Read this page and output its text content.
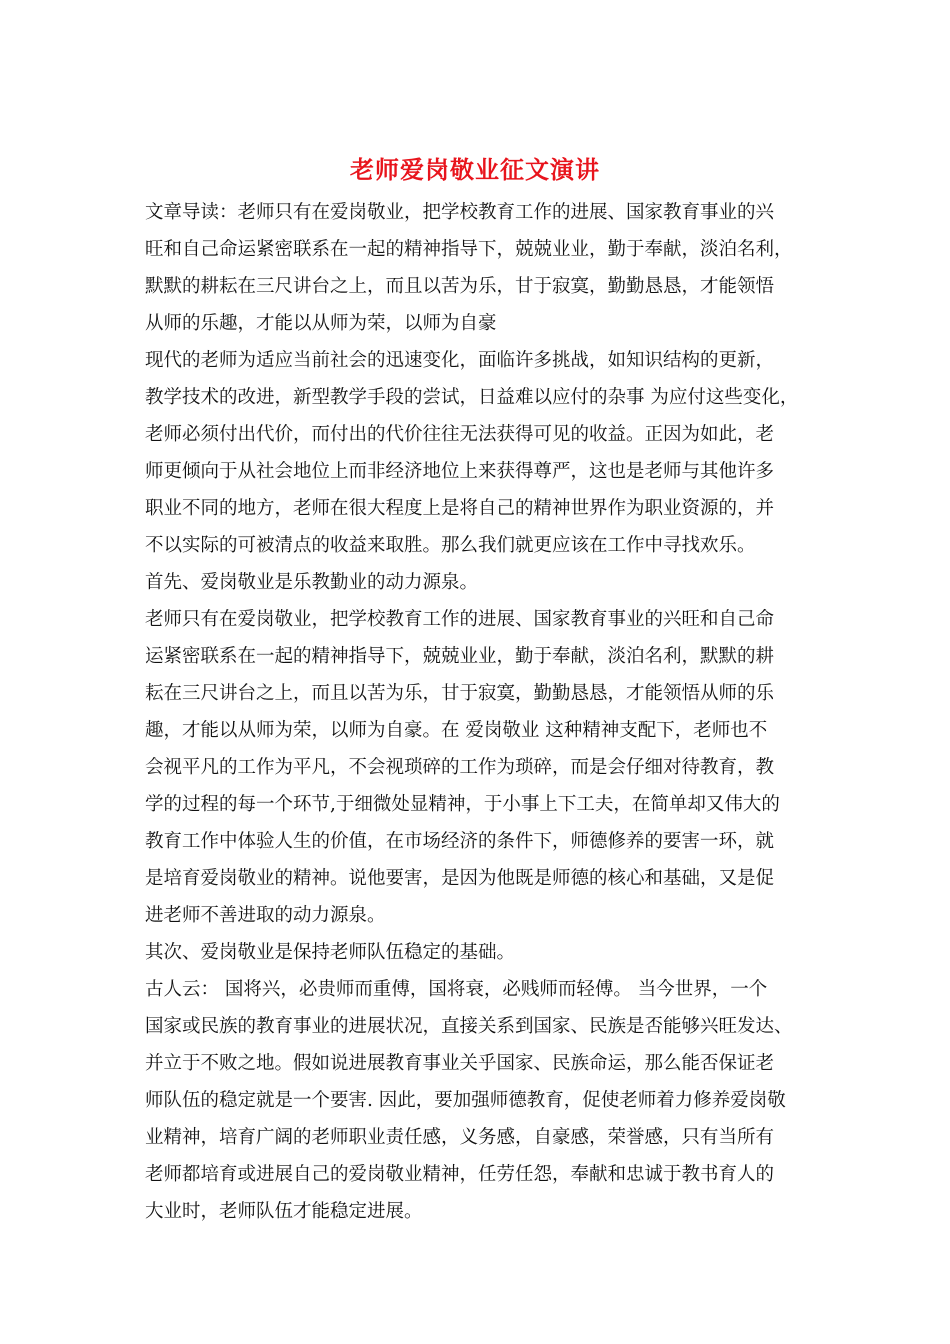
老师爱岗敬业征文演讲
文章导读：老师只有在爱岗敬业，把学校教育工作的进展、国家教育事业的兴
旺和自己命运紧密联系在一起的精神指导下，兢兢业业，勤于奉献，淡泊名利，
默默的耕耘在三尺讲台之上，而且以苦为乐，甘于寂寞，勤勤恳恳，才能领悟
从师的乐趣，才能以从师为荣，以师为自豪
现代的老师为适应当前社会的迅速变化，面临许多挑战，如知识结构的更新，
教学技术的改进，新型教学手段的尝试，日益难以应付的杂事 为应付这些变化，
老师必须付出代价，而付出的代价往往无法获得可见的收益。正因为如此，老
师更倾向于从社会地位上而非经济地位上来获得尊严，这也是老师与其他许多
职业不同的地方，老师在很大程度上是将自己的精神世界作为职业资源的，并
不以实际的可被清点的收益来取胜。那么我们就更应该在工作中寻找欢乐。
首先、爱岗敬业是乐教勤业的动力源泉。
老师只有在爱岗敬业，把学校教育工作的进展、国家教育事业的兴旺和自己命
运紧密联系在一起的精神指导下，兢兢业业，勤于奉献，淡泊名利，默默的耕
耘在三尺讲台之上，而且以苦为乐，甘于寂寞，勤勤恳恳，才能领悟从师的乐
趣，才能以从师为荣，以师为自豪。在 爱岗敬业 这种精神支配下，老师也不
会视平凡的工作为平凡，不会视琐碎的工作为琐碎，而是会仔细对待教育，教
学的过程的每一个环节,于细微处显精神，于小事上下工夫，在简单却又伟大的
教育工作中体验人生的价值，在市场经济的条件下，师德修养的要害一环，就
是培育爱岗敬业的精神。说他要害，是因为他既是师德的核心和基础，又是促
进老师不善进取的动力源泉。
其次、爱岗敬业是保持老师队伍稳定的基础。
古人云： 国将兴，必贵师而重傅，国将衰，必贱师而轻傅。 当今世界，一个
国家或民族的教育事业的进展状况，直接关系到国家、民族是否能够兴旺发达、
并立于不败之地。假如说进展教育事业关乎国家、民族命运，那么能否保证老
师队伍的稳定就是一个要害. 因此，要加强师德教育，促使老师着力修养爱岗敬
业精神，培育广阔的老师职业责任感，义务感，自豪感，荣誉感，只有当所有
老师都培育或进展自己的爱岗敬业精神，任劳任怨，奉献和忠诚于教书育人的
大业时，老师队伍才能稳定进展。
